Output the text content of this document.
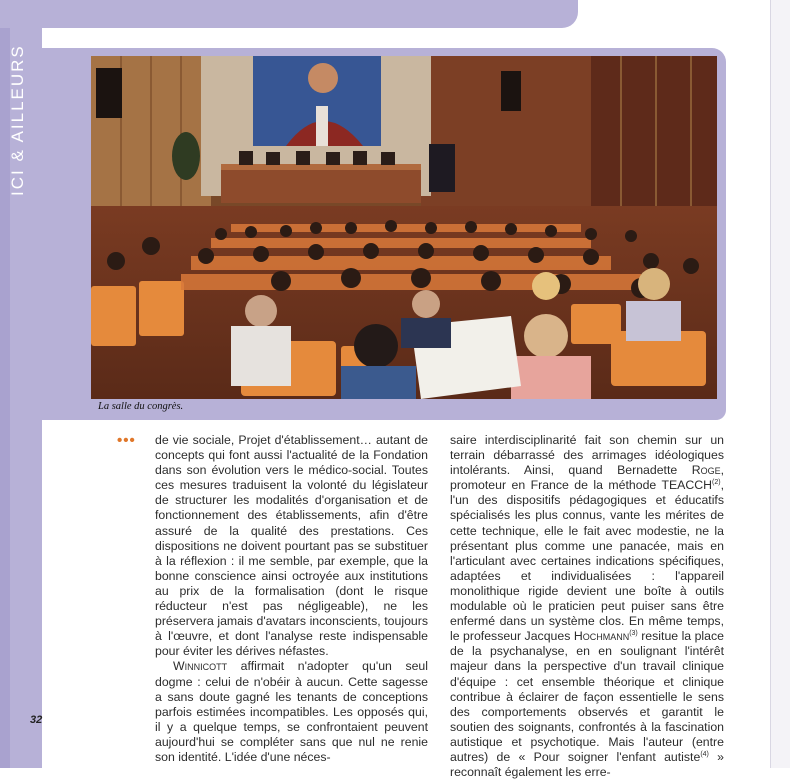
ICI & AILLEURS
La salle du congrès.
••• de vie sociale, Projet d'établissement… autant de concepts qui font aussi l'actualité de la Fondation dans son évolution vers le médico-social. Toutes ces mesures traduisent la volonté du législateur de structurer les modalités d'organisation et de fonctionnement des établissements, afin d'être assuré de la qualité des prestations. Ces dispositions ne doivent pourtant pas se substituer à la réflexion : il me semble, par exemple, que la bonne conscience ainsi octroyée aux institutions au prix de la formalisation (dont le risque réducteur n'est pas négligeable), ne les préservera jamais d'avatars inconscients, toujours à l'œuvre, et dont l'analyse reste indispensable pour éviter les dérives néfastes.
Winnicott affirmait n'adopter qu'un seul dogme : celui de n'obéir à aucun. Cette sagesse a sans doute gagné les tenants de conceptions parfois estimées incompatibles. Les opposés qui, il y a quelque temps, se confrontaient peuvent aujourd'hui se compléter sans que nul ne renie son identité. L'idée d'une néces-
saire interdisciplinarité fait son chemin sur un terrain débarrassé des arrimages idéologiques intolérants. Ainsi, quand Bernadette Roge, promoteur en France de la méthode TEACCH$^{(2)}$, l'un des dispositifs pédagogiques et éducatifs spécialisés les plus connus, vante les mérites de cette technique, elle le fait avec modestie, ne la présentant plus comme une panacée, mais en l'articulant avec certaines indications spécifiques, adaptées et individualisées : l'appareil monolithique rigide devient une boîte à outils modulable où le praticien peut puiser sans être enfermé dans un système clos. En même temps, le professeur Jacques Hochmann$^{(3)}$ resitue la place de la psychanalyse, en en soulignant l'intérêt majeur dans la perspective d'un travail clinique d'équipe : cet ensemble théorique et clinique contribue à éclairer de façon essentielle le sens des comportements observés et garantit le soutien des soignants, confrontés à la fascination autistique et psychotique. Mais l'auteur (entre autres) de « Pour soigner l'enfant autiste$^{(4)}$ » reconnaît également les erre-
32
